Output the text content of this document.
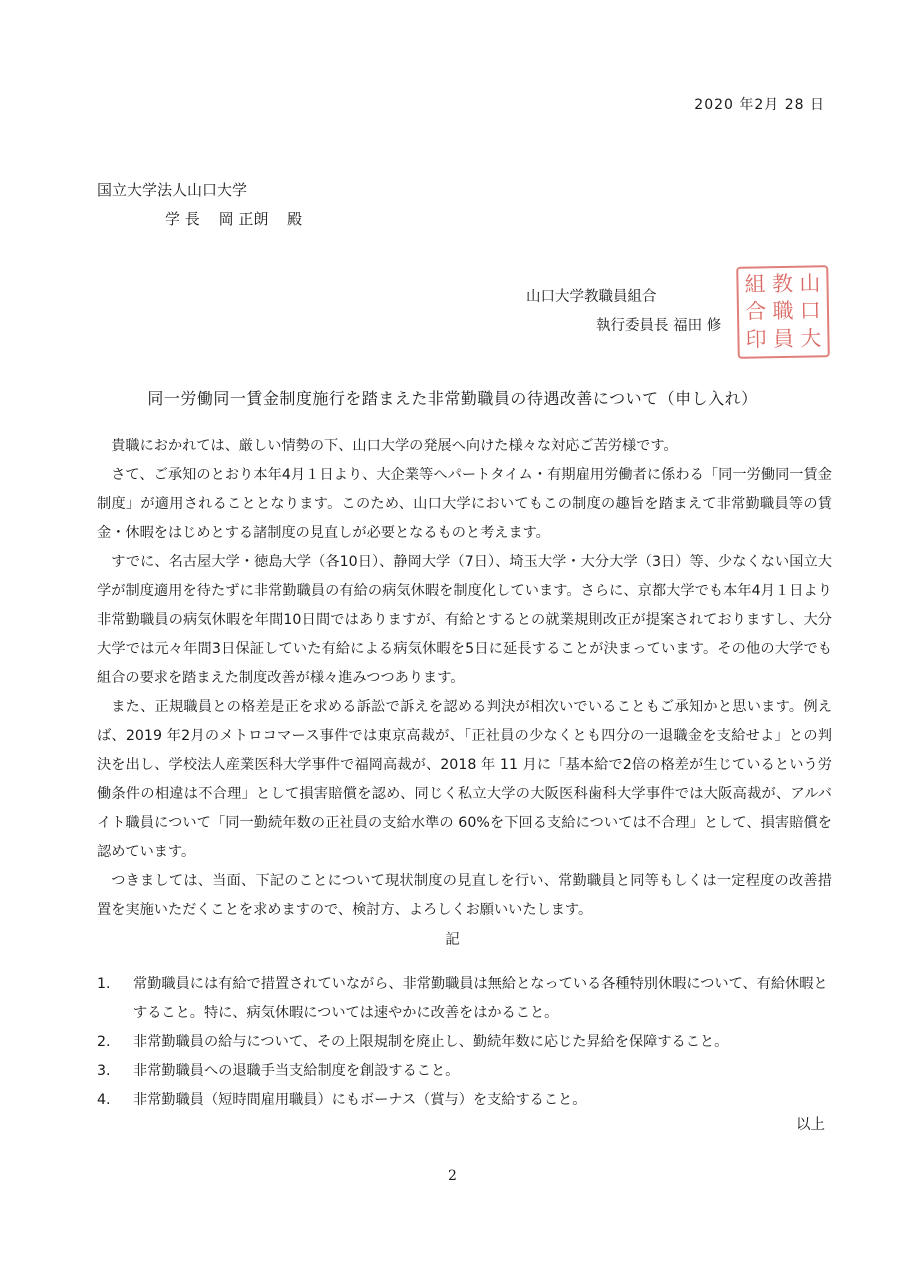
2020 年2月 28 日
国立大学法人山口大学
学 長 岡 正朗 殿
山口大学教職員組合
執行委員長 福田 修
組 教 山
合 職 口
印 員 大
同一労働同一賃金制度施行を踏まえた非常勤職員の待遇改善について（申し入れ）

貴職におかれては、厳しい情勢の下、山口大学の発展へ向けた様々な対応ご苦労様です。

さて、ご承知のとおり本年4月１日より、大企業等へパートタイム・有期雇用労働者に係わる「同一労働同一賃金制度」が適用されることとなります。このため、山口大学においてもこの制度の趣旨を踏まえて非常勤職員等の賃金・休暇をはじめとする諸制度の見直しが必要となるものと考えます。

すでに、名古屋大学・徳島大学（各10日）、静岡大学（7日）、埼玉大学・大分大学（3日）等、少なくない国立大学が制度適用を待たずに非常勤職員の有給の病気休暇を制度化しています。さらに、京都大学でも本年4月１日より非常勤職員の病気休暇を年間10日間ではありますが、有給とするとの就業規則改正が提案されておりますし、大分大学では元々年間3日保証していた有給による病気休暇を5日に延長することが決まっています。その他の大学でも組合の要求を踏まえた制度改善が様々進みつつあります。

また、正規職員との格差是正を求める訴訟で訴えを認める判決が相次いでいることもご承知かと思います。例えば、2019 年2月のメトロコマース事件では東京高裁が、「正社員の少なくとも四分の一退職金を支給せよ」との判決を出し、学校法人産業医科大学事件で福岡高裁が、2018 年 11 月に「基本給で2倍の格差が生じているという労働条件の相違は不合理」として損害賠償を認め、同じく私立大学の大阪医科歯科大学事件では大阪高裁が、アルバイト職員について「同一勤続年数の正社員の支給水準の 60%を下回る支給については不合理」として、損害賠償を認めています。

つきましては、当面、下記のことについて現状制度の見直しを行い、常勤職員と同等もしくは一定程度の改善措置を実施いただくことを求めますので、検討方、よろしくお願いいたします。

記
1.	常勤職員には有給で措置されていながら、非常勤職員は無給となっている各種特別休暇について、有給休暇とすること。特に、病気休暇については速やかに改善をはかること。
2.	非常勤職員の給与について、その上限規制を廃止し、勤続年数に応じた昇給を保障すること。
3.	非常勤職員への退職手当支給制度を創設すること。
4.	非常勤職員（短時間雇用職員）にもボーナス（賞与）を支給すること。
以上
2
